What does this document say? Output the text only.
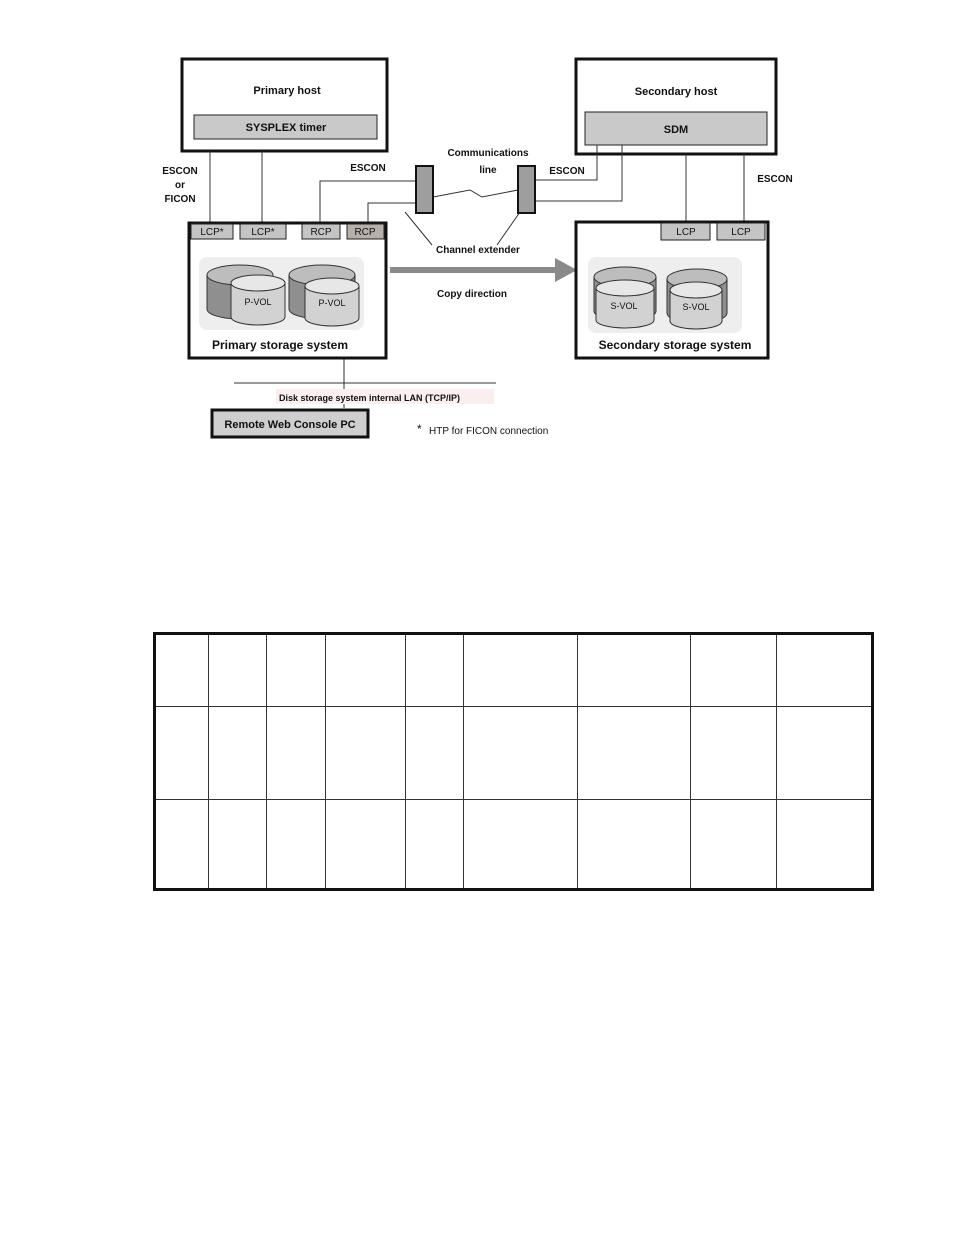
Primary host
SYSPLEX timer
Secondary host
SDM
ESCON
or
FICON
ESCON
Communications
line	ESCON
ESCON
Channel extender
Copy direction
LCP*	LCP*	RCP RCP
P-VOL	P-VOL
Primary storage system
LCP	LCP
S-VOL	S-VOL
Secondary storage system
Disk storage system internal LAN (TCP/IP)
Remote Web Console PC	* HTP for FICON connection
